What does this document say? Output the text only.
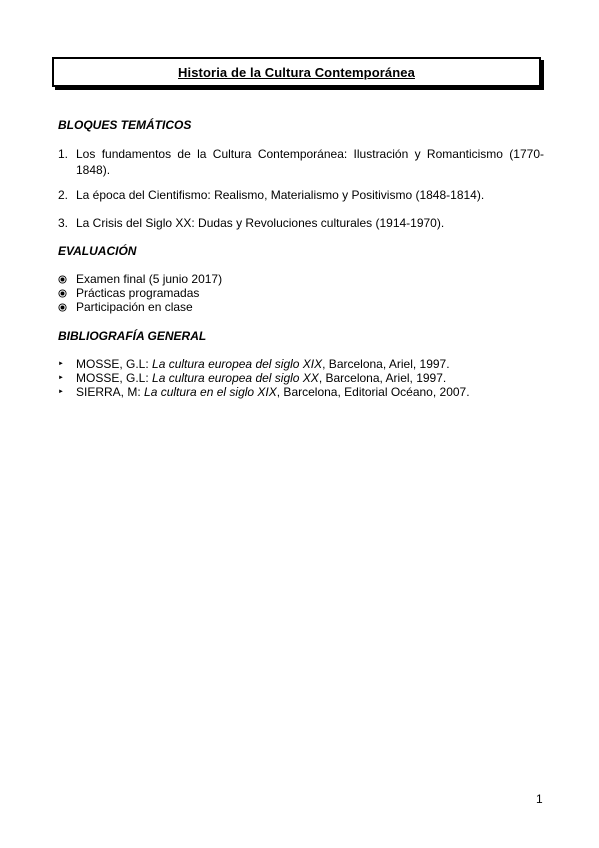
Historia de la Cultura Contemporánea
BLOQUES TEMÁTICOS
1. Los fundamentos de la Cultura Contemporánea: Ilustración y Romanticismo (1770-1848).
2. La época del Cientifismo: Realismo, Materialismo y Positivismo (1848-1814).
3. La Crisis del Siglo XX: Dudas y Revoluciones culturales (1914-1970).
EVALUACIÓN
Examen final (5 junio 2017)
Prácticas programadas
Participación en clase
BIBLIOGRAFÍA GENERAL
►	MOSSE, G.L: La cultura europea del siglo XIX, Barcelona, Ariel, 1997.
►	MOSSE, G.L: La cultura europea del siglo XX, Barcelona, Ariel, 1997.
►	SIERRA, M: La cultura en el siglo XIX, Barcelona, Editorial Océano, 2007.
1
